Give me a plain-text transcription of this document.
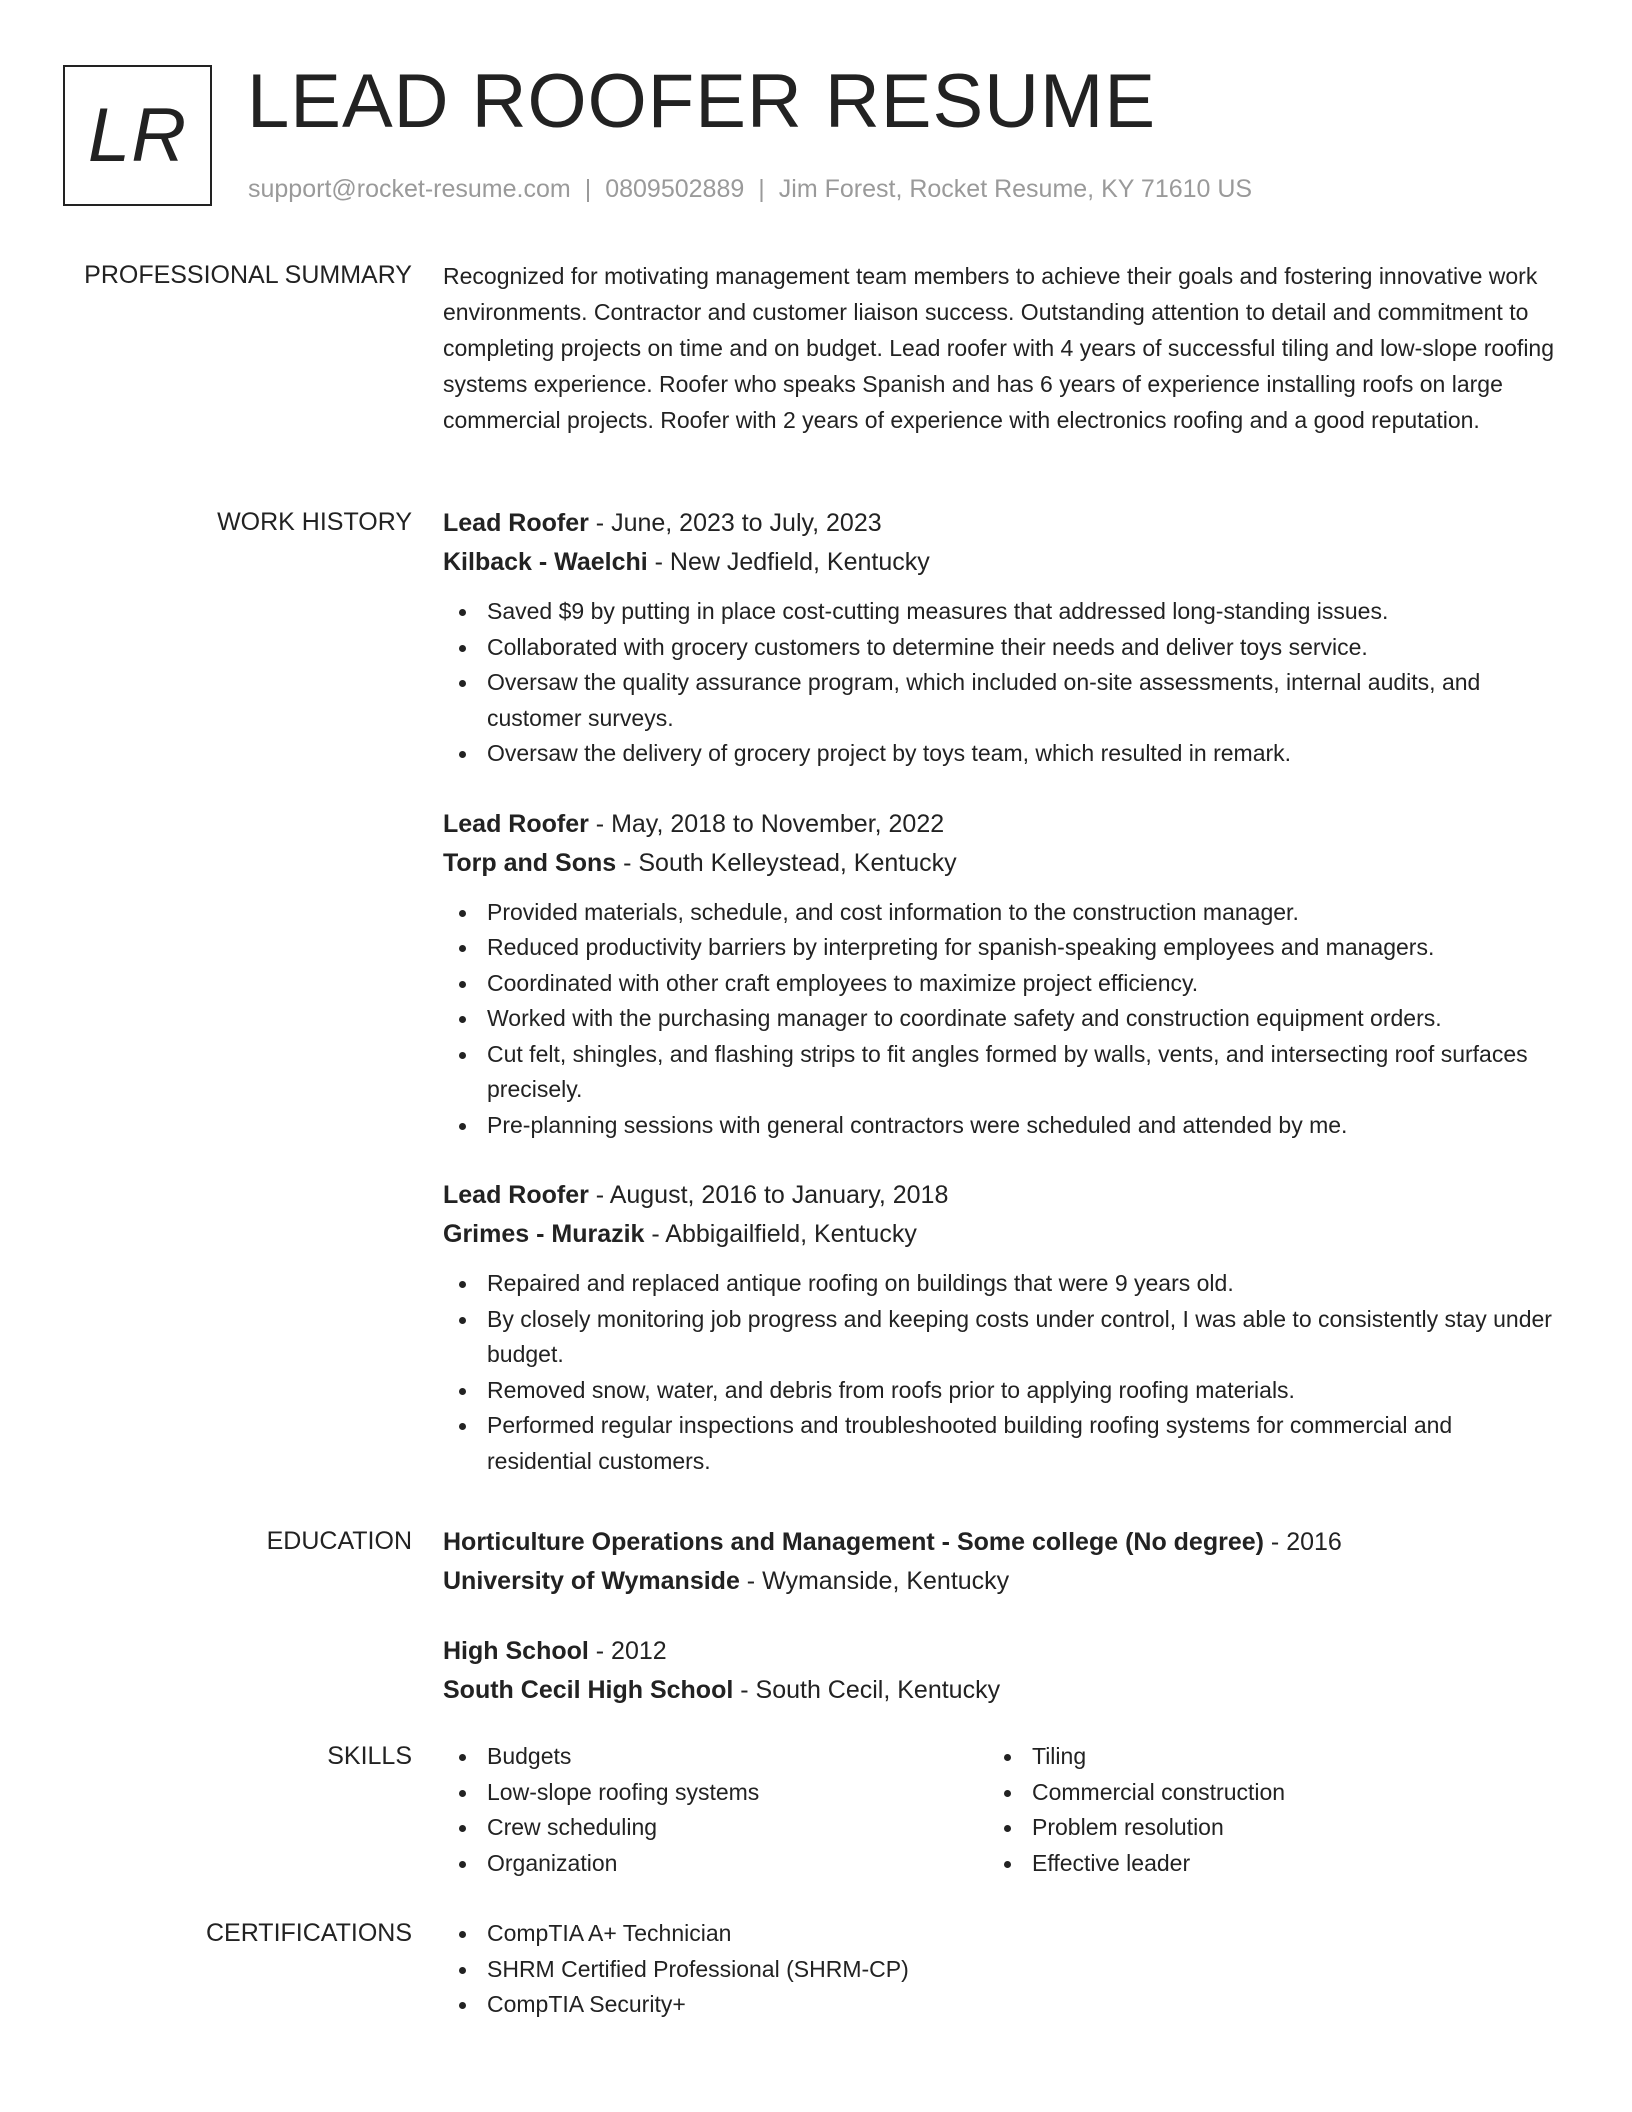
LR LEAD ROOFER RESUME
support@rocket-resume.com | 0809502889 | Jim Forest, Rocket Resume, KY 71610 US
PROFESSIONAL SUMMARY Recognized for motivating management team members to achieve their goals and fostering innovative work environments. Contractor and customer liaison success. Outstanding attention to detail and commitment to completing projects on time and on budget. Lead roofer with 4 years of successful tiling and low-slope roofing systems experience. Roofer who speaks Spanish and has 6 years of experience installing roofs on large commercial projects. Roofer with 2 years of experience with electronics roofing and a good reputation.

WORK HISTORY Lead Roofer - June, 2023 to July, 2023
Kilback - Waelchi - New Jedfield, Kentucky
Saved $9 by putting in place cost-cutting measures that addressed long-standing issues.
Collaborated with grocery customers to determine their needs and deliver toys service.
Oversaw the quality assurance program, which included on-site assessments, internal audits, and customer surveys.
Oversaw the delivery of grocery project by toys team, which resulted in remark.
Lead Roofer - May, 2018 to November, 2022
Torp and Sons - South Kelleystead, Kentucky
Provided materials, schedule, and cost information to the construction manager.
Reduced productivity barriers by interpreting for spanish-speaking employees and managers.
Coordinated with other craft employees to maximize project efficiency.
Worked with the purchasing manager to coordinate safety and construction equipment orders.
Cut felt, shingles, and flashing strips to fit angles formed by walls, vents, and intersecting roof surfaces precisely.
Pre-planning sessions with general contractors were scheduled and attended by me.
Lead Roofer - August, 2016 to January, 2018
Grimes - Murazik - Abbigailfield, Kentucky
Repaired and replaced antique roofing on buildings that were 9 years old.
By closely monitoring job progress and keeping costs under control, I was able to consistently stay under budget.
Removed snow, water, and debris from roofs prior to applying roofing materials.
Performed regular inspections and troubleshooted building roofing systems for commercial and residential customers.
EDUCATION Horticulture Operations and Management - Some college (No degree) - 2016
University of Wymanside - Wymanside, Kentucky
High School - 2012
South Cecil High School - South Cecil, Kentucky
SKILLS	Budgets
Low-slope roofing systems
Crew scheduling
Organization
Tiling
Commercial construction
Problem resolution
Effective leader
CERTIFICATIONS	CompTIA A+ Technician
SHRM Certified Professional (SHRM-CP)
CompTIA Security+
